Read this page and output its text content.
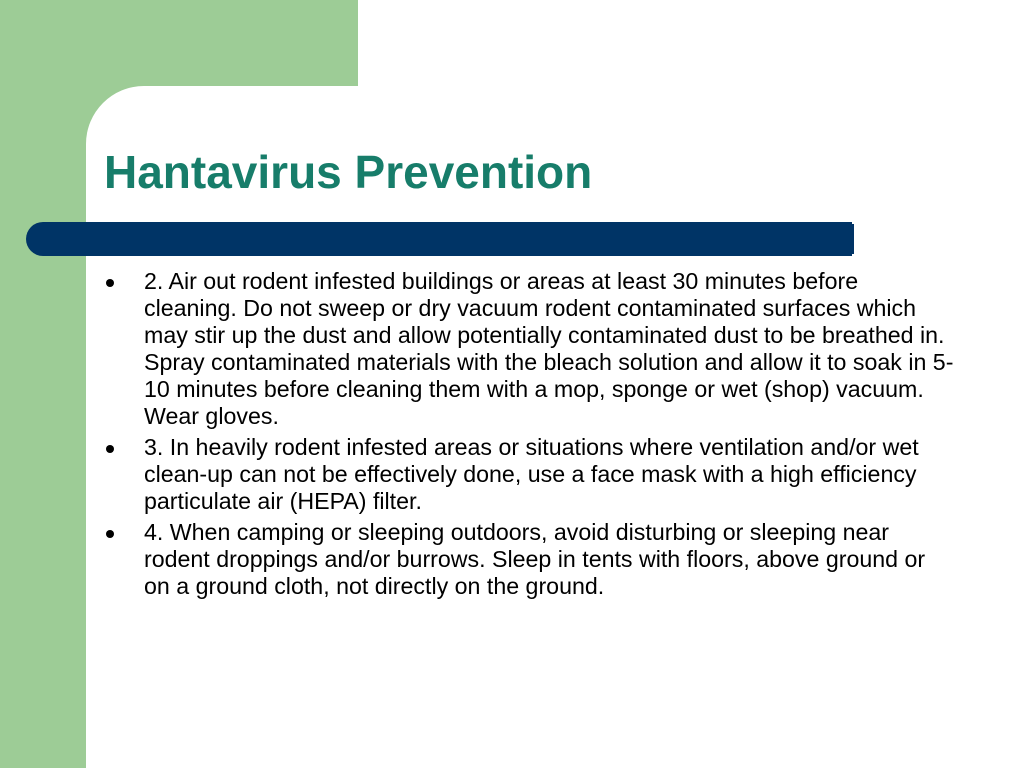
Hantavirus Prevention
2. Air out rodent infested buildings or areas at least 30 minutes before cleaning. Do not sweep or dry vacuum rodent contaminated surfaces which may stir up the dust and allow potentially contaminated dust to be breathed in. Spray contaminated materials with the bleach solution and allow it to soak in 5-10 minutes before cleaning them with a mop, sponge or wet (shop) vacuum. Wear gloves.
3. In heavily rodent infested areas or situations where ventilation and/or wet clean-up can not be effectively done, use a face mask with a high efficiency particulate air (HEPA) filter.
4. When camping or sleeping outdoors, avoid disturbing or sleeping near rodent droppings and/or burrows. Sleep in tents with floors, above ground or on a ground cloth, not directly on the ground.
